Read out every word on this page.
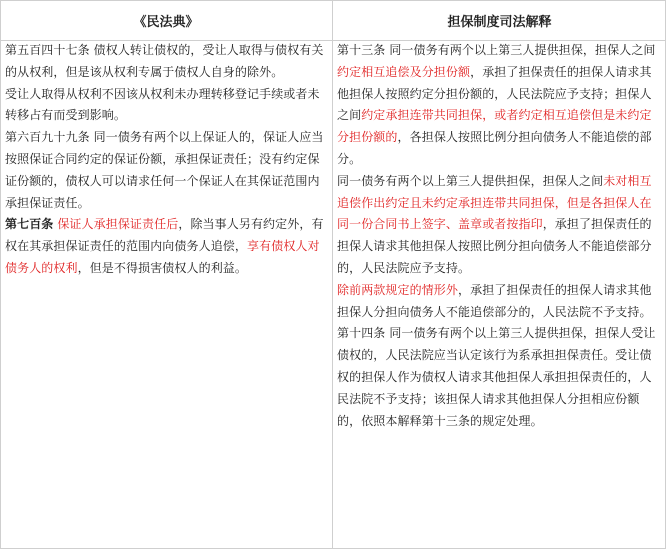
《民法典》	担保制度司法解释

第五百四十七条 债权人转让债权的，受让人取得与债权有关的从权利，但是该从权利专属于债权人自身的除外。

受让人取得从权利不因该从权利未办理转移登记手续或者未转移占有而受到影响。

第六百九十九条 同一债务有两个以上保证人的，保证人应当按照保证合同约定的保证份额，承担保证责任；没有约定保证份额的，债权人可以请求任何一个保证人在其保证范围内承担保证责任。

第七百条 保证人承担保证责任后，除当事人另有约定外，有权在其承担保证责任的范围内向债务人追偿，享有债权人对债务人的权利，但是不得损害债权人的利益。

第十三条 同一债务有两个以上第三人提供担保，担保人之间约定相互追偿及分担份额，承担了担保责任的担保人请求其他担保人按照约定分担份额的，人民法院应予支持；担保人之间约定承担连带共同担保，或者约定相互追偿但是未约定分担份额的，各担保人按照比例分担向债务人不能追偿的部分。

同一债务有两个以上第三人提供担保，担保人之间未对相互追偿作出约定且未约定承担连带共同担保，但是各担保人在同一份合同书上签字、盖章或者按指印，承担了担保责任的担保人请求其他担保人按照比例分担向债务人不能追偿部分的，人民法院应予支持。

除前两款规定的情形外，承担了担保责任的担保人请求其他担保人分担向债务人不能追偿部分的，人民法院不予支持。

第十四条 同一债务有两个以上第三人提供担保，担保人受让债权的，人民法院应当认定该行为系承担担保责任。受让债权的担保人作为债权人请求其他担保人承担担保责任的，人民法院不予支持；该担保人请求其他担保人分担相应份额的，依照本解释第十三条的规定处理。
